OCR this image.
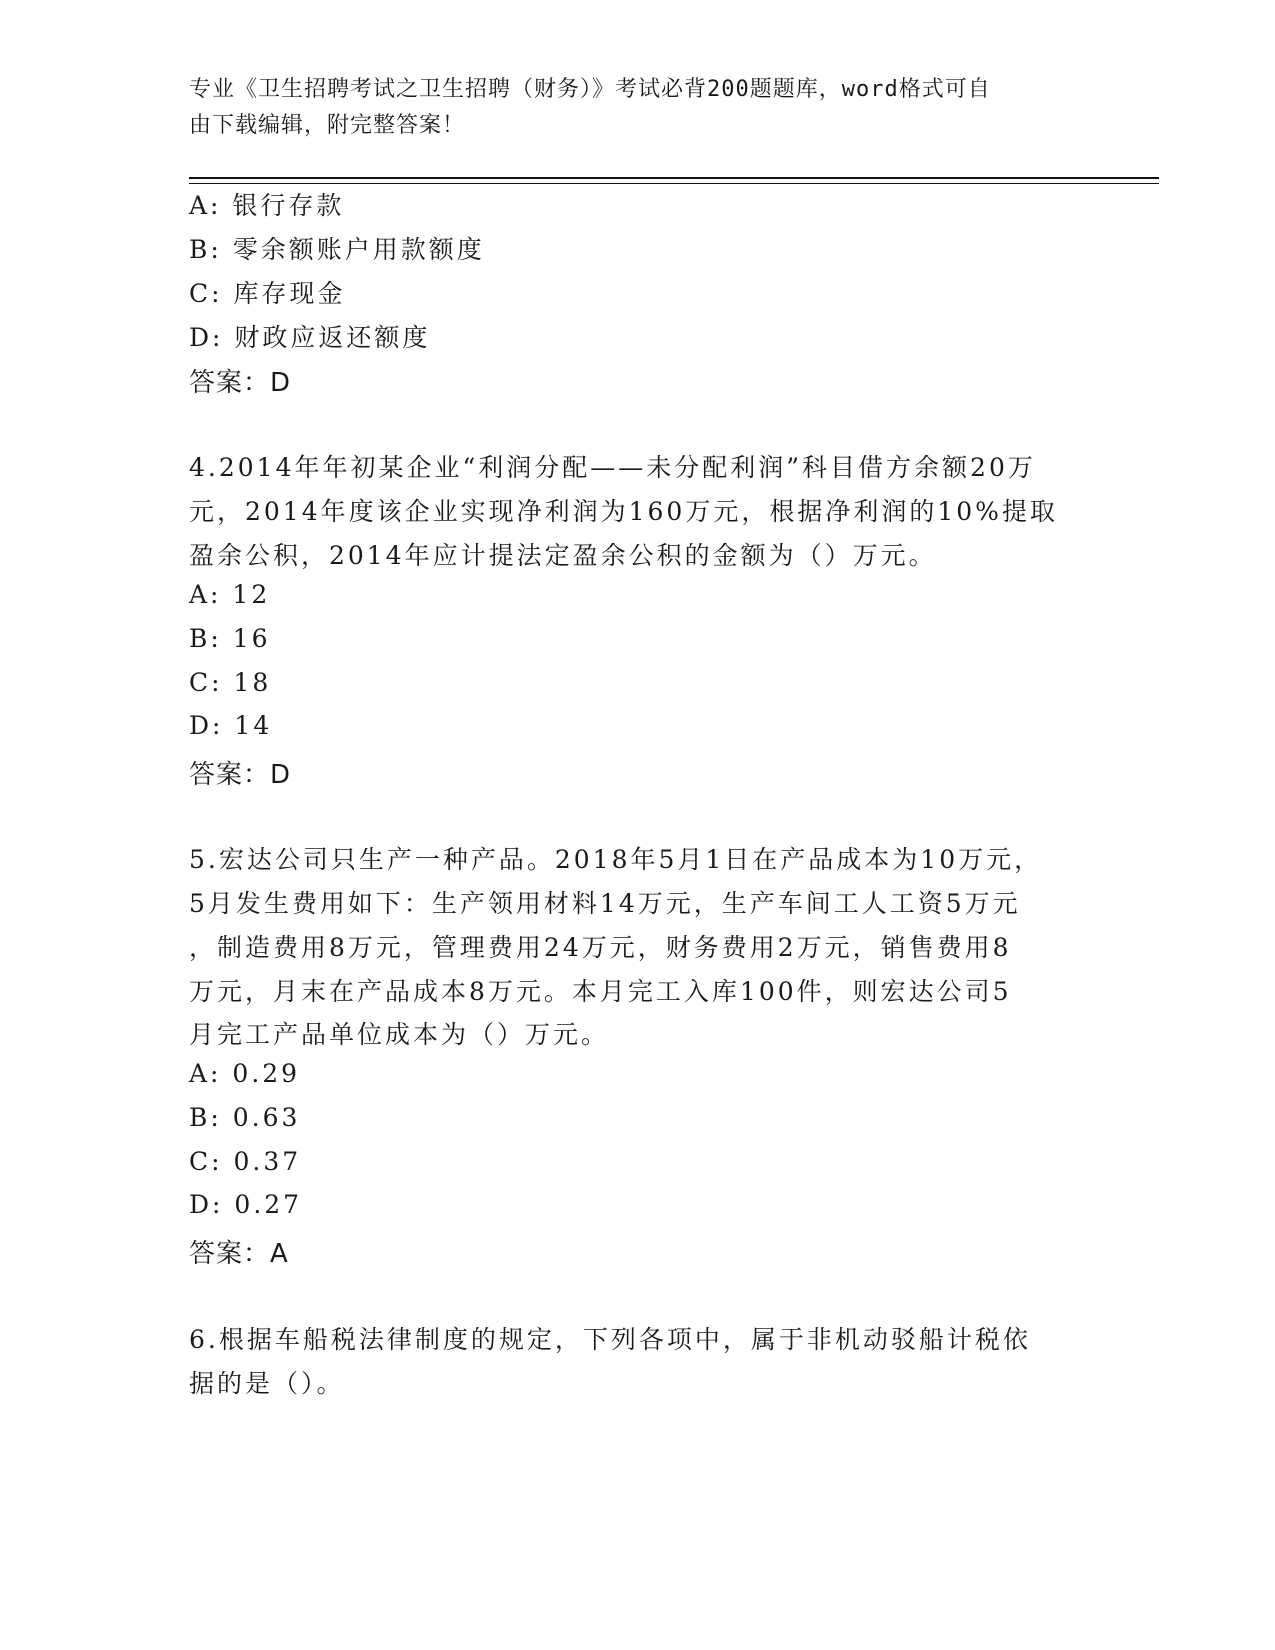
专业《卫生招聘考试之卫生招聘（财务）》考试必背200题题库，word格式可自
由下载编辑，附完整答案！
A: 银行存款
B: 零余额账户用款额度
C: 库存现金
D: 财政应返还额度
答案：D
4.2014年年初某企业“利润分配——未分配利润”科目借方余额20万
元，2014年度该企业实现净利润为160万元，根据净利润的10%提取
盈余公积，2014年应计提法定盈余公积的金额为（）万元。
A: 12
B: 16
C: 18
D: 14
答案：D
5.宏达公司只生产一种产品。2018年5月1日在产品成本为10万元，
5月发生费用如下：生产领用材料14万元，生产车间工人工资5万元
，制造费用8万元，管理费用24万元，财务费用2万元，销售费用8
万元，月末在产品成本8万元。本月完工入库100件，则宏达公司5
月完工产品单位成本为（）万元。
A: 0.29
B: 0.63
C: 0.37
D: 0.27
答案：A
6.根据车船税法律制度的规定，下列各项中，属于非机动驳船计税依
据的是（）。
